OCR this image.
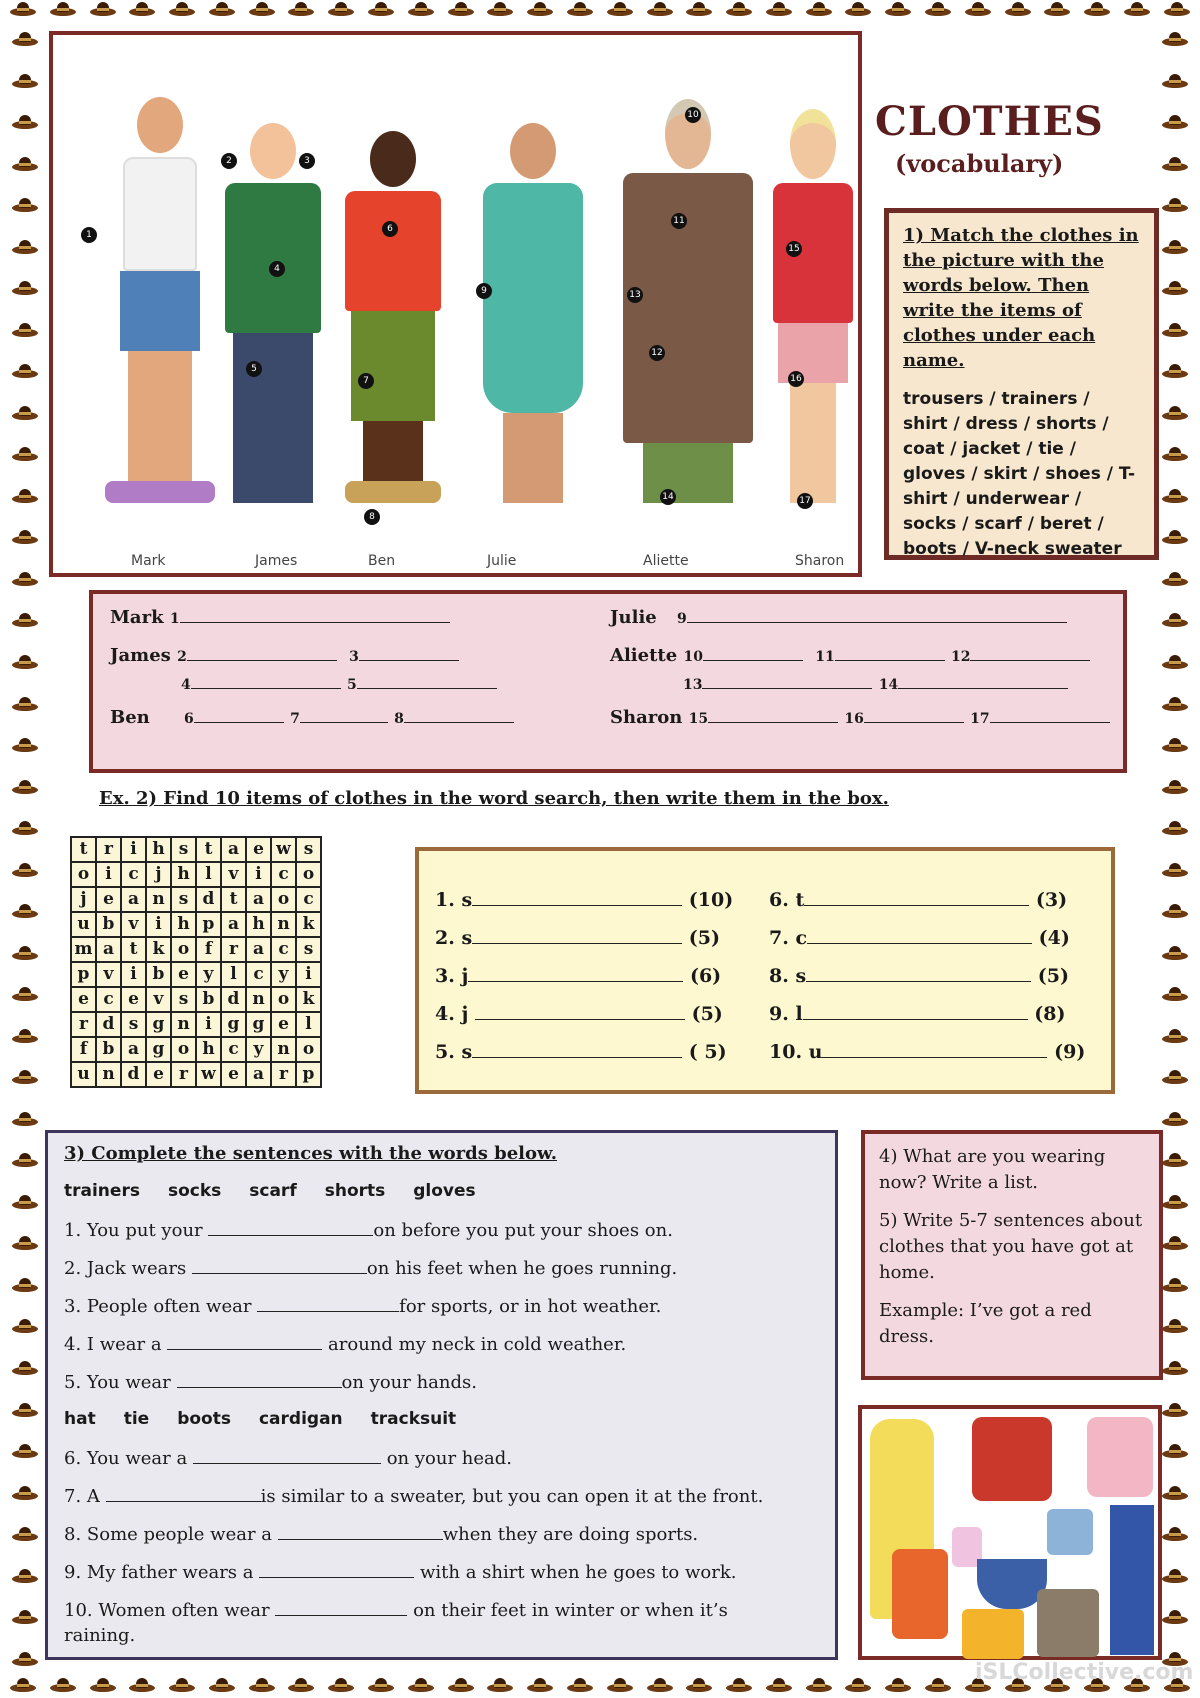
1
2	3
4
5
6
7
8
9
10
11
12
13
14
15
16
17
Mark	James	Ben	Julie	Aliette	Sharon
CLOTHES
(vocabulary)
1) Match the clothes in the picture with the words below. Then write the items of clothes under each name.
trousers / trainers / shirt / dress / shorts / coat / jacket / tie / gloves / skirt / shoes / T-shirt / underwear / socks / scarf / beret / boots / V-neck sweater
Mark 1
James 2	3
4	5
Ben 6	7	8
Julie 9
Aliette 10	11	12
13	14
Sharon 15	16	17
Ex. 2) Find 10 items of clothes in the word search, then write them in the box.
t	r	i	h	s	t	a	e	w	s
o	i	c	j	h	l	v	i	c	o
j	e	a	n	s	d	t	a	o	c
u	b	v	i	h	p	a	h	n	k
m	a	t	k	o	f	r	a	c	s
p	v	i	b	e	y	l	c	y	i
e	c	e	v	s	b	d	n	o	k
r	d	s	g	n	i	g	g	e	l
f	b	a	g	o	h	c	y	n	o
u	n	d	e	r	w	e	a	r	p
1. s	(10)
2. s	(5)
3. j	(6)
4. j	(5)
5. s	( 5)
6. t	(3)
7. c	(4)
8. s	(5)
9. l	(8)
10. u	(9)
3) Complete the sentences with the words below.
trainers socks scarf shorts gloves
1. You put your	on before you put your shoes on.
2. Jack wears	on his feet when he goes running.
3. People often wear	for sports, or in hot weather.
4. I wear a	around my neck in cold weather.
5. You wear	on your hands.
hat tie boots cardigan tracksuit
6. You wear a	on your head.
7. A	is similar to a sweater, but you can open it at the front.
8. Some people wear a	when they are doing sports.
9. My father wears a	with a shirt when he goes to work.
10. Women often wear	on their feet in winter or when it’s
raining.

4) What are you wearing now? Write a list.

5) Write 5-7 sentences about clothes that you have got at home.

Example: I’ve got a red dress.

iSLCollective.com
